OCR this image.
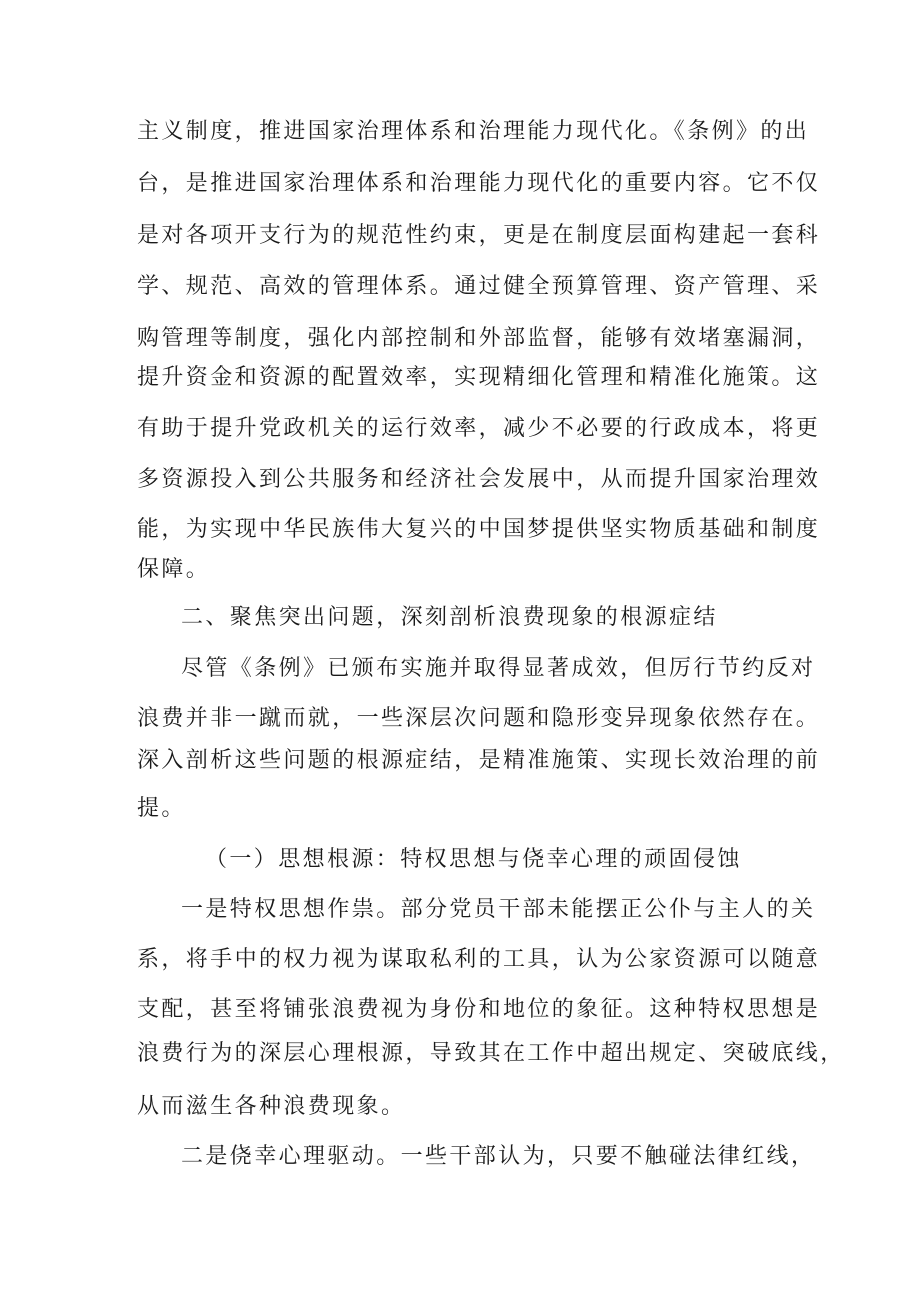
主义制度，推进国家治理体系和治理能力现代化。《条例》的出
台，是推进国家治理体系和治理能力现代化的重要内容。它不仅
是对各项开支行为的规范性约束，更是在制度层面构建起一套科
学、规范、高效的管理体系。通过健全预算管理、资产管理、采
购管理等制度，强化内部控制和外部监督，能够有效堵塞漏洞，
提升资金和资源的配置效率，实现精细化管理和精准化施策。这
有助于提升党政机关的运行效率，减少不必要的行政成本，将更
多资源投入到公共服务和经济社会发展中，从而提升国家治理效
能，为实现中华民族伟大复兴的中国梦提供坚实物质基础和制度
保障。
二、聚焦突出问题，深刻剖析浪费现象的根源症结
尽管《条例》已颁布实施并取得显著成效，但厉行节约反对
浪费并非一蹴而就，一些深层次问题和隐形变异现象依然存在。
深入剖析这些问题的根源症结，是精准施策、实现长效治理的前
提。
（一）思想根源：特权思想与侥幸心理的顽固侵蚀
一是特权思想作祟。部分党员干部未能摆正公仆与主人的关
系，将手中的权力视为谋取私利的工具，认为公家资源可以随意
支配，甚至将铺张浪费视为身份和地位的象征。这种特权思想是
浪费行为的深层心理根源，导致其在工作中超出规定、突破底线，
从而滋生各种浪费现象。
二是侥幸心理驱动。一些干部认为，只要不触碰法律红线，
